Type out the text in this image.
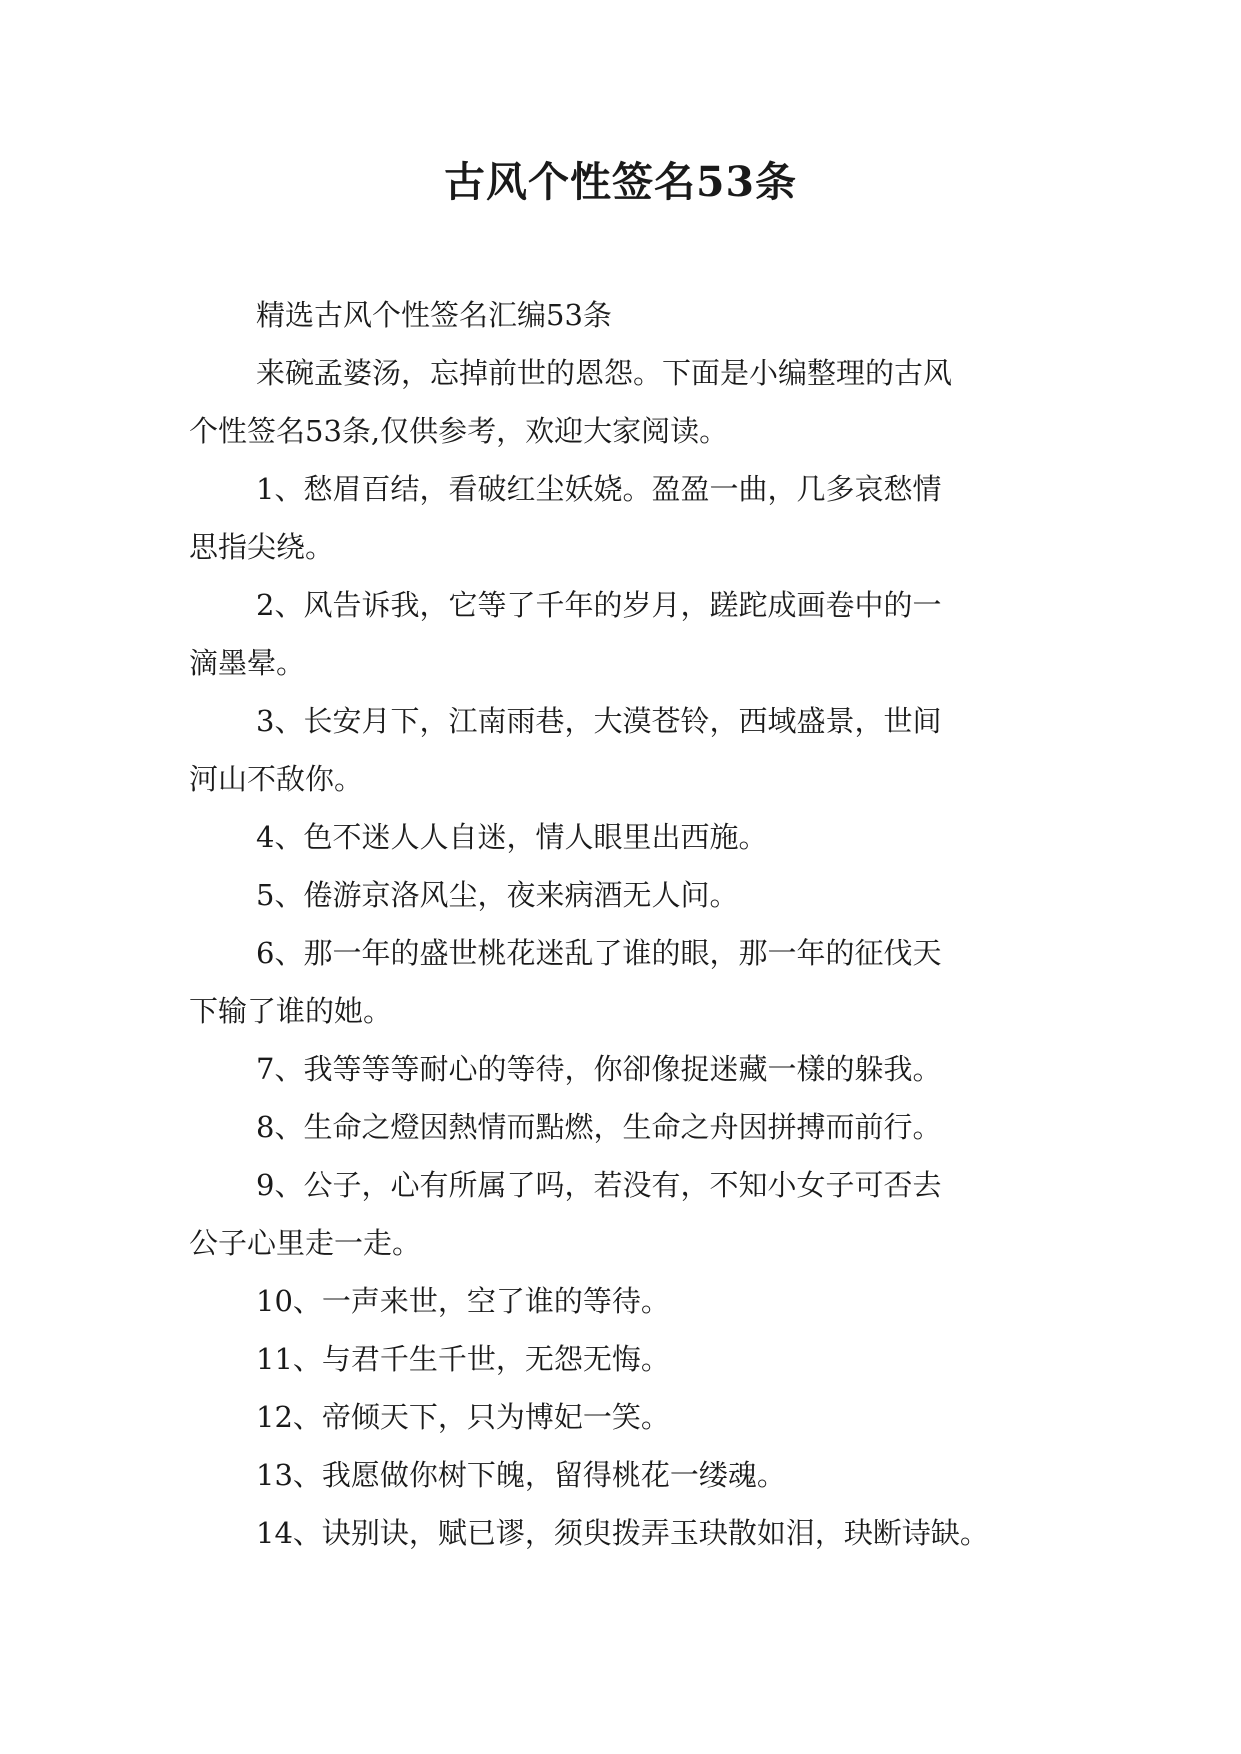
古风个性签名53条
精选古风个性签名汇编53条
来碗孟婆汤，忘掉前世的恩怨。下面是小编整理的古风
个性签名53条,仅供参考，欢迎大家阅读。
1、愁眉百结，看破红尘妖娆。盈盈一曲，几多哀愁情
思指尖绕。
2、风告诉我，它等了千年的岁月，蹉跎成画卷中的一
滴墨晕。
3、长安月下，江南雨巷，大漠苍铃，西域盛景，世间
河山不敌你。
4、色不迷人人自迷，情人眼里出西施。
5、倦游京洛风尘，夜来病酒无人问。
6、那一年的盛世桃花迷乱了谁的眼，那一年的征伐天
下输了谁的她。
7、我等等等耐心的等待，你卻像捉迷藏一樣的躲我。
8、生命之燈因熱情而點燃，生命之舟因拼搏而前行。
9、公子，心有所属了吗，若没有，不知小女子可否去
公子心里走一走。
10、一声来世，空了谁的等待。
11、与君千生千世，无怨无悔。
12、帝倾天下，只为博妃一笑。
13、我愿做你树下魄，留得桃花一缕魂。
14、诀别诀，赋已谬，须臾拨弄玉玦散如泪，玦断诗缺。
